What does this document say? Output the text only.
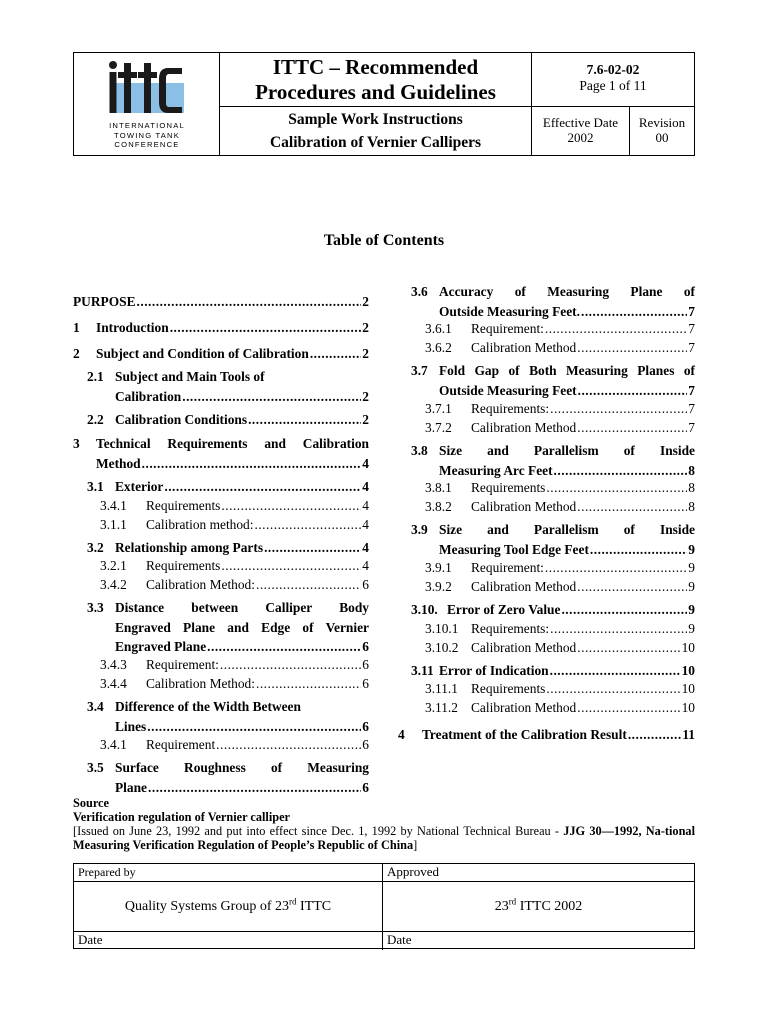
INTERNATIONAL
TOWING TANK
CONFERENCE
ITTC – Recommended
Procedures and Guidelines
Sample Work Instructions
Calibration of Vernier Callipers
7.6-02-02
Page 1 of 11
Effective Date
2002
Revision
00
Table of Contents
PURPOSE .....	2
1	Introduction .....	2
2	Subject and Condition of Calibration .....	2
2.1 Subject and Main Tools of
Calibration .....	2
2.2 Calibration Conditions .....	2
3	Technical Requirements and Calibration
Method .....	4
3.1 Exterior .....	4
3.4.1	Requirements .....	4
3.1.1	Calibration method: .....	4
3.2 Relationship among Parts .....	4
3.2.1	Requirements .....	4
3.4.2	Calibration Method: .....	6
3.3 Distance between Calliper Body
Engraved Plane and Edge of Vernier
Engraved Plane .....	6
3.4.3	Requirement: .....	6
3.4.4	Calibration Method: .....	6
3.4 Difference of the Width Between
Lines .....	6
3.4.1	Requirement .....	6
3.5 Surface Roughness of Measuring
Plane .....	6
3.6 Accuracy of Measuring Plane of
Outside Measuring Feet. .....	7
3.6.1	Requirement: .....	7
3.6.2	Calibration Method .....	7
3.7 Fold Gap of Both Measuring Planes of
Outside Measuring Feet .....	7
3.7.1	Requirements: .....	7
3.7.2	Calibration Method .....	7
3.8 Size and Parallelism of Inside
Measuring Arc Feet .....	8
3.8.1	Requirements .....	8
3.8.2	Calibration Method .....	8
3.9 Size and Parallelism of Inside
Measuring Tool Edge Feet .....	9
3.9.1	Requirement: .....	9
3.9.2	Calibration Method .....	9
3.10. Error of Zero Value .....	9
3.10.1 Requirements: .....	9
3.10.2 Calibration Method .....	10
3.11 Error of Indication .....	10
3.11.1 Requirements .....	10
3.11.2 Calibration Method .....	10
4	Treatment of the Calibration Result .....	11
Source
Verification regulation of Vernier calliper
[Issued on June 23, 1992 and put into effect since Dec. 1, 1992 by National Technical Bureau - JJG 30—1992, Na-tional Measuring Verification Regulation of People’s Republic of China]
Prepared by	Approved
Quality Systems Group of 23rd ITTC	23rd ITTC 2002
Date	Date
